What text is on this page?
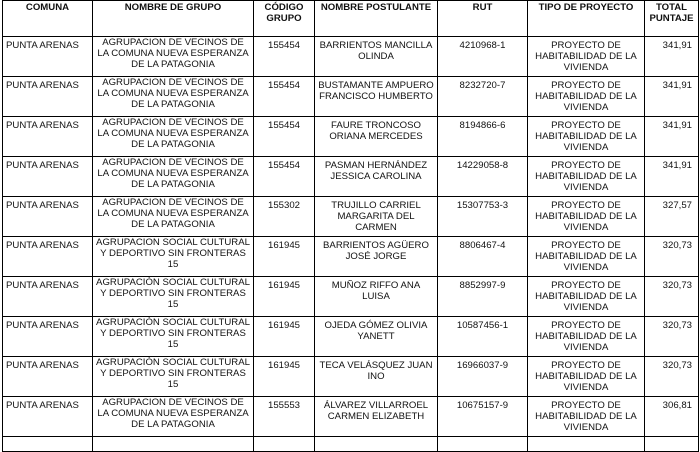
COMUNA	NOMBRE DE GRUPO	CÓDIGO GRUPO	NOMBRE POSTULANTE	RUT	TIPO DE PROYECTO	TOTAL PUNTAJE
PUNTA ARENAS	AGRUPACION DE VECINOS DE LA COMUNA NUEVA ESPERANZA DE LA PATAGONIA	155454	BARRIENTOS MANCILLA OLINDA	4210968-1	PROYECTO DE HABITABILIDAD DE LA VIVIENDA	341,91
PUNTA ARENAS	AGRUPACION DE VECINOS DE LA COMUNA NUEVA ESPERANZA DE LA PATAGONIA	155454	BUSTAMANTE AMPUERO FRANCISCO HUMBERTO	8232720-7	PROYECTO DE HABITABILIDAD DE LA VIVIENDA	341,91
PUNTA ARENAS	AGRUPACION DE VECINOS DE LA COMUNA NUEVA ESPERANZA DE LA PATAGONIA	155454	FAURE TRONCOSO ORIANA MERCEDES	8194866-6	PROYECTO DE HABITABILIDAD DE LA VIVIENDA	341,91
PUNTA ARENAS	AGRUPACION DE VECINOS DE LA COMUNA NUEVA ESPERANZA DE LA PATAGONIA	155454	PASMAN HERNÁNDEZ JESSICA CAROLINA	14229058-8	PROYECTO DE HABITABILIDAD DE LA VIVIENDA	341,91
PUNTA ARENAS	AGRUPACION DE VECINOS DE LA COMUNA NUEVA ESPERANZA DE LA PATAGONIA	155302	TRUJILLO CARRIEL MARGARITA DEL CARMEN	15307753-3	PROYECTO DE HABITABILIDAD DE LA VIVIENDA	327,57
PUNTA ARENAS	AGRUPACION SOCIAL CULTURAL Y DEPORTIVO SIN FRONTERAS 15	161945	BARRIENTOS AGÜERO JOSÉ JORGE	8806467-4	PROYECTO DE HABITABILIDAD DE LA VIVIENDA	320,73
PUNTA ARENAS	AGRUPACIÓN SOCIAL CULTURAL Y DEPORTIVO SIN FRONTERAS 15	161945	MUÑOZ RIFFO ANA LUISA	8852997-9	PROYECTO DE HABITABILIDAD DE LA VIVIENDA	320,73
PUNTA ARENAS	AGRUPACIÓN SOCIAL CULTURAL Y DEPORTIVO SIN FRONTERAS 15	161945	OJEDA GÓMEZ OLIVIA YANETT	10587456-1	PROYECTO DE HABITABILIDAD DE LA VIVIENDA	320,73
PUNTA ARENAS	AGRUPACIÓN SOCIAL CULTURAL Y DEPORTIVO SIN FRONTERAS 15	161945	TECA VELÁSQUEZ JUAN INO	16966037-9	PROYECTO DE HABITABILIDAD DE LA VIVIENDA	320,73
PUNTA ARENAS	AGRUPACION DE VECINOS DE LA COMUNA NUEVA ESPERANZA DE LA PATAGONIA	155553	ÁLVAREZ VILLARROEL CARMEN ELIZABETH	10675157-9	PROYECTO DE HABITABILIDAD DE LA VIVIENDA	306,81
